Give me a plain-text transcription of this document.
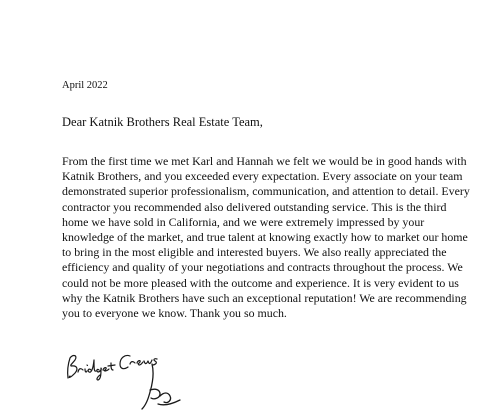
April 2022
Dear Katnik Brothers Real Estate Team,
From the first time we met Karl and Hannah we felt we would be in good hands with
Katnik Brothers, and you exceeded every expectation. Every associate on your team
demonstrated superior professionalism, communication, and attention to detail. Every
contractor you recommended also delivered outstanding service. This is the third
home we have sold in California, and we were extremely impressed by your
knowledge of the market, and true talent at knowing exactly how to market our home
to bring in the most eligible and interested buyers. We also really appreciated the
efficiency and quality of your negotiations and contracts throughout the process. We
could not be more pleased with the outcome and experience. It is very evident to us
why the Katnik Brothers have such an exceptional reputation! We are recommending
you to everyone we know. Thank you so much.
